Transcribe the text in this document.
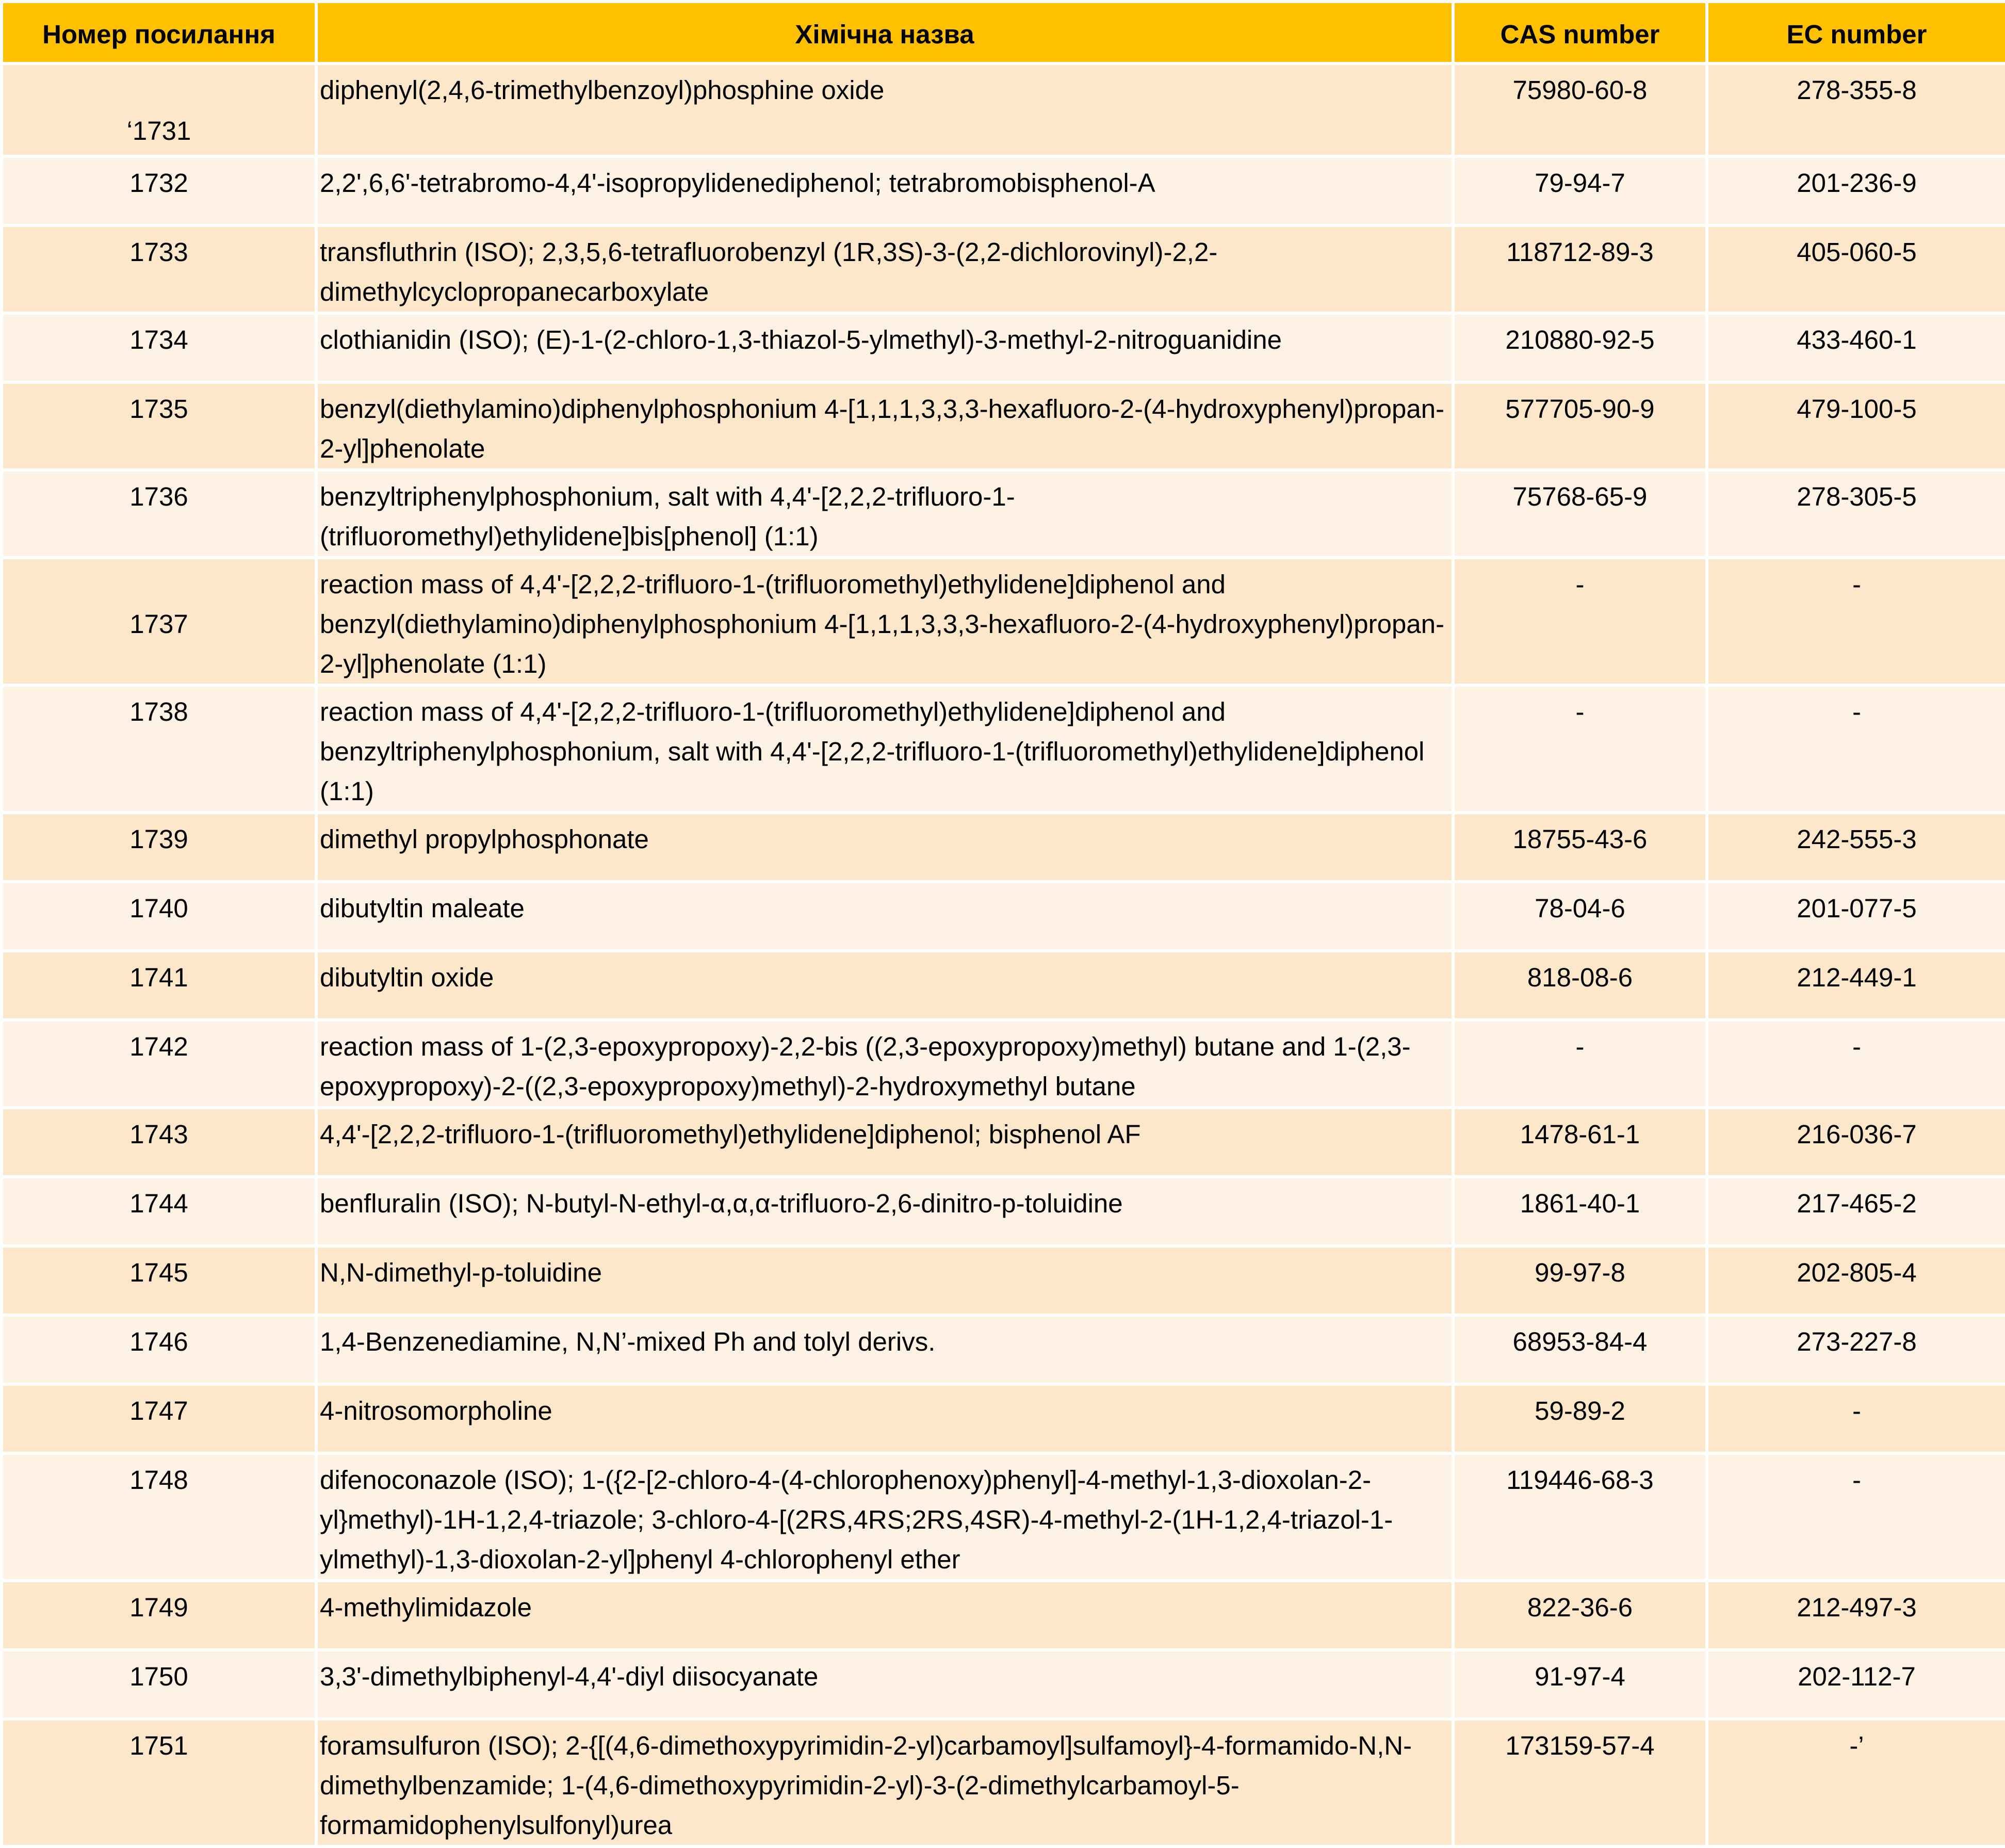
Номер посилання	Хімічна назва	CAS number	EC number
‘1731	diphenyl(2,4,6-trimethylbenzoyl)phosphine oxide	75980-60-8	278-355-8
1732	2,2',6,6'-tetrabromo-4,4'-isopropylidenediphenol; tetrabromobisphenol-A	79-94-7	201-236-9
1733	transfluthrin (ISO); 2,3,5,6-tetrafluorobenzyl (1R,3S)-3-(2,2-dichlorovinyl)-2,2-dimethylcyclopropanecarboxylate	118712-89-3	405-060-5
1734	clothianidin (ISO); (E)-1-(2-chloro-1,3-thiazol-5-ylmethyl)-3-methyl-2-nitroguanidine	210880-92-5	433-460-1
1735	benzyl(diethylamino)diphenylphosphonium 4-[1,1,1,3,3,3-hexafluoro-2-(4-hydroxyphenyl)propan-2-yl]phenolate	577705-90-9	479-100-5
1736	benzyltriphenylphosphonium, salt with 4,4'-[2,2,2-trifluoro-1-(trifluoromethyl)ethylidene]bis[phenol] (1:1)	75768-65-9	278-305-5
1737	reaction mass of 4,4'-[2,2,2-trifluoro-1-(trifluoromethyl)ethylidene]diphenol and benzyl(diethylamino)diphenylphosphonium 4-[1,1,1,3,3,3-hexafluoro-2-(4-hydroxyphenyl)propan-2-yl]phenolate (1:1)	-	-
1738	reaction mass of 4,4'-[2,2,2-trifluoro-1-(trifluoromethyl)ethylidene]diphenol and benzyltriphenylphosphonium, salt with 4,4'-[2,2,2-trifluoro-1-(trifluoromethyl)ethylidene]diphenol (1:1)	-	-
1739	dimethyl propylphosphonate	18755-43-6	242-555-3
1740	dibutyltin maleate	78-04-6	201-077-5
1741	dibutyltin oxide	818-08-6	212-449-1
1742	reaction mass of 1-(2,3-epoxypropoxy)-2,2-bis ((2,3-epoxypropoxy)methyl) butane and 1-(2,3-epoxypropoxy)-2-((2,3-epoxypropoxy)methyl)-2-hydroxymethyl butane	-	-
1743	4,4'-[2,2,2-trifluoro-1-(trifluoromethyl)ethylidene]diphenol; bisphenol AF	1478-61-1	216-036-7
1744	benfluralin (ISO); N-butyl-N-ethyl-α,α,α-trifluoro-2,6-dinitro-p-toluidine	1861-40-1	217-465-2
1745	N,N-dimethyl-p-toluidine	99-97-8	202-805-4
1746	1,4-Benzenediamine, N,N’-mixed Ph and tolyl derivs.	68953-84-4	273-227-8
1747	4-nitrosomorpholine	59-89-2	-
1748	difenoconazole (ISO); 1-({2-[2-chloro-4-(4-chlorophenoxy)phenyl]-4-methyl-1,3-dioxolan-2-yl}methyl)-1H-1,2,4-triazole; 3-chloro-4-[(2RS,4RS;2RS,4SR)-4-methyl-2-(1H-1,2,4-triazol-1-ylmethyl)-1,3-dioxolan-2-yl]phenyl 4-chlorophenyl ether	119446-68-3	-
1749	4-methylimidazole	822-36-6	212-497-3
1750	3,3'-dimethylbiphenyl-4,4'-diyl diisocyanate	91-97-4	202-112-7
1751	foramsulfuron (ISO); 2-{[(4,6-dimethoxypyrimidin-2-yl)carbamoyl]sulfamoyl}-4-formamido-N,N-dimethylbenzamide; 1-(4,6-dimethoxypyrimidin-2-yl)-3-(2-dimethylcarbamoyl-5-formamidophenylsulfonyl)urea	173159-57-4	-’
